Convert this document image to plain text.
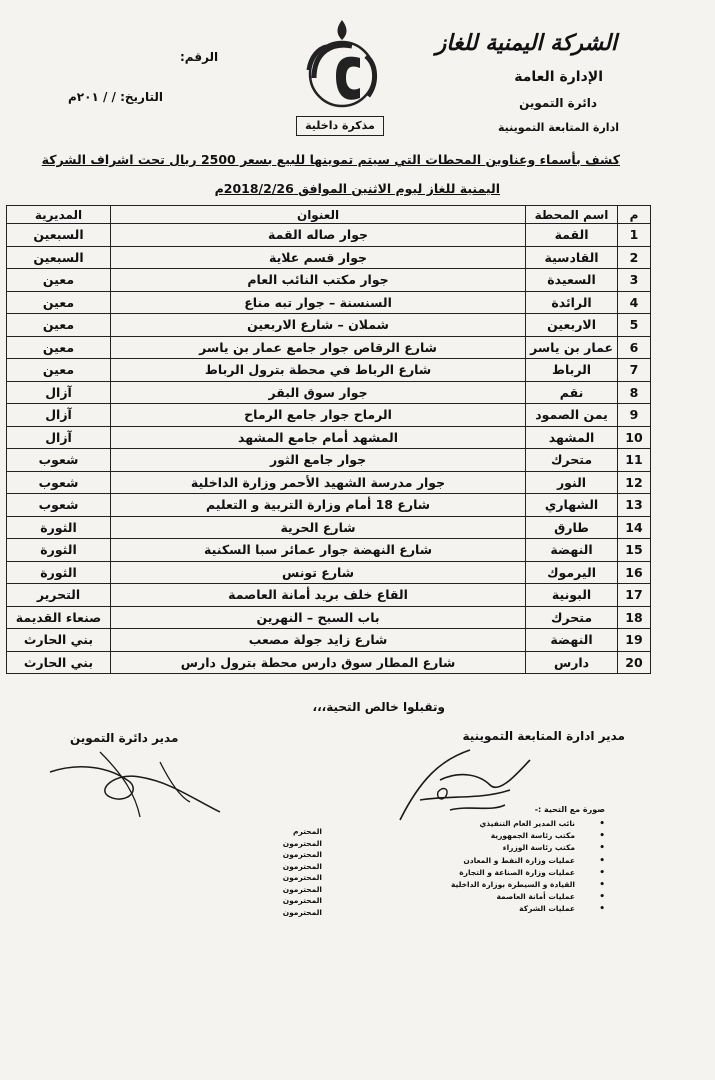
الشركة اليمنية للغاز
الإدارة العامة
دائرة التموين
ادارة المتابعة التموينية
مذكرة داخلية
الرقم:
التاريخ: / / ٢٠١م
كشف بأسماء وعناوين المحطات التي سيتم تموينها للبيع بسعر 2500 ريال تحت اشراف الشركة
اليمنية للغاز ليوم الاثنين الموافق 2018/2/26م
م	اسم المحطة	العنوان	المديرية
1	القمة	جوار صاله القمة	السبعين
2	القادسية	جوار قسم علاية	السبعين
3	السعيدة	جوار مكتب النائب العام	معين
4	الرائدة	السنسنة – جوار تبه مناع	معين
5	الاربعين	شملان – شارع الاربعين	معين
6	عمار بن ياسر	شارع الرقاص جوار جامع عمار بن ياسر	معين
7	الرباط	شارع الرباط في محطة بترول الرباط	معين
8	نقم	جوار سوق البقر	آزال
9	يمن الصمود	الرماح جوار جامع الرماح	آزال
10	المشهد	المشهد أمام جامع المشهد	آزال
11	متحرك	جوار جامع الثور	شعوب
12	النور	جوار مدرسة الشهيد الأحمر وزارة الداخلية	شعوب
13	الشهاري	شارع 18 أمام وزارة التربية و التعليم	شعوب
14	طارق	شارع الحرية	الثورة
15	النهضة	شارع النهضة جوار عمائر سبا السكنية	الثورة
16	اليرموك	شارع تونس	الثورة
17	البونية	القاع خلف بريد أمانة العاصمة	التحرير
18	متحرك	باب السبح – النهرين	صنعاء القديمة
19	النهضة	شارع زايد جولة مصعب	بني الحارث
20	دارس	شارع المطار سوق دارس محطة بترول دارس	بني الحارث
وتقبلوا خالص التحية،،،
مدير ادارة المتابعة التموينية
مدير دائرة التموين
صورة مع التحية :-
•
نائب المدير العام التنفيذي
•
مكتب رئاسة الجمهورية
•
مكتب رئاسة الوزراء
•
عمليات وزارة النفط و المعادن
•
عمليات وزارة الصناعة و التجارة
•
القيادة و السيطرة بوزارة الداخلية
•
عمليات أمانة العاصمة
•
عمليات الشركة
المحترم
المحترمون
المحترمون
المحترمون
المحترمون
المحترمون
المحترمون
المحترمون
